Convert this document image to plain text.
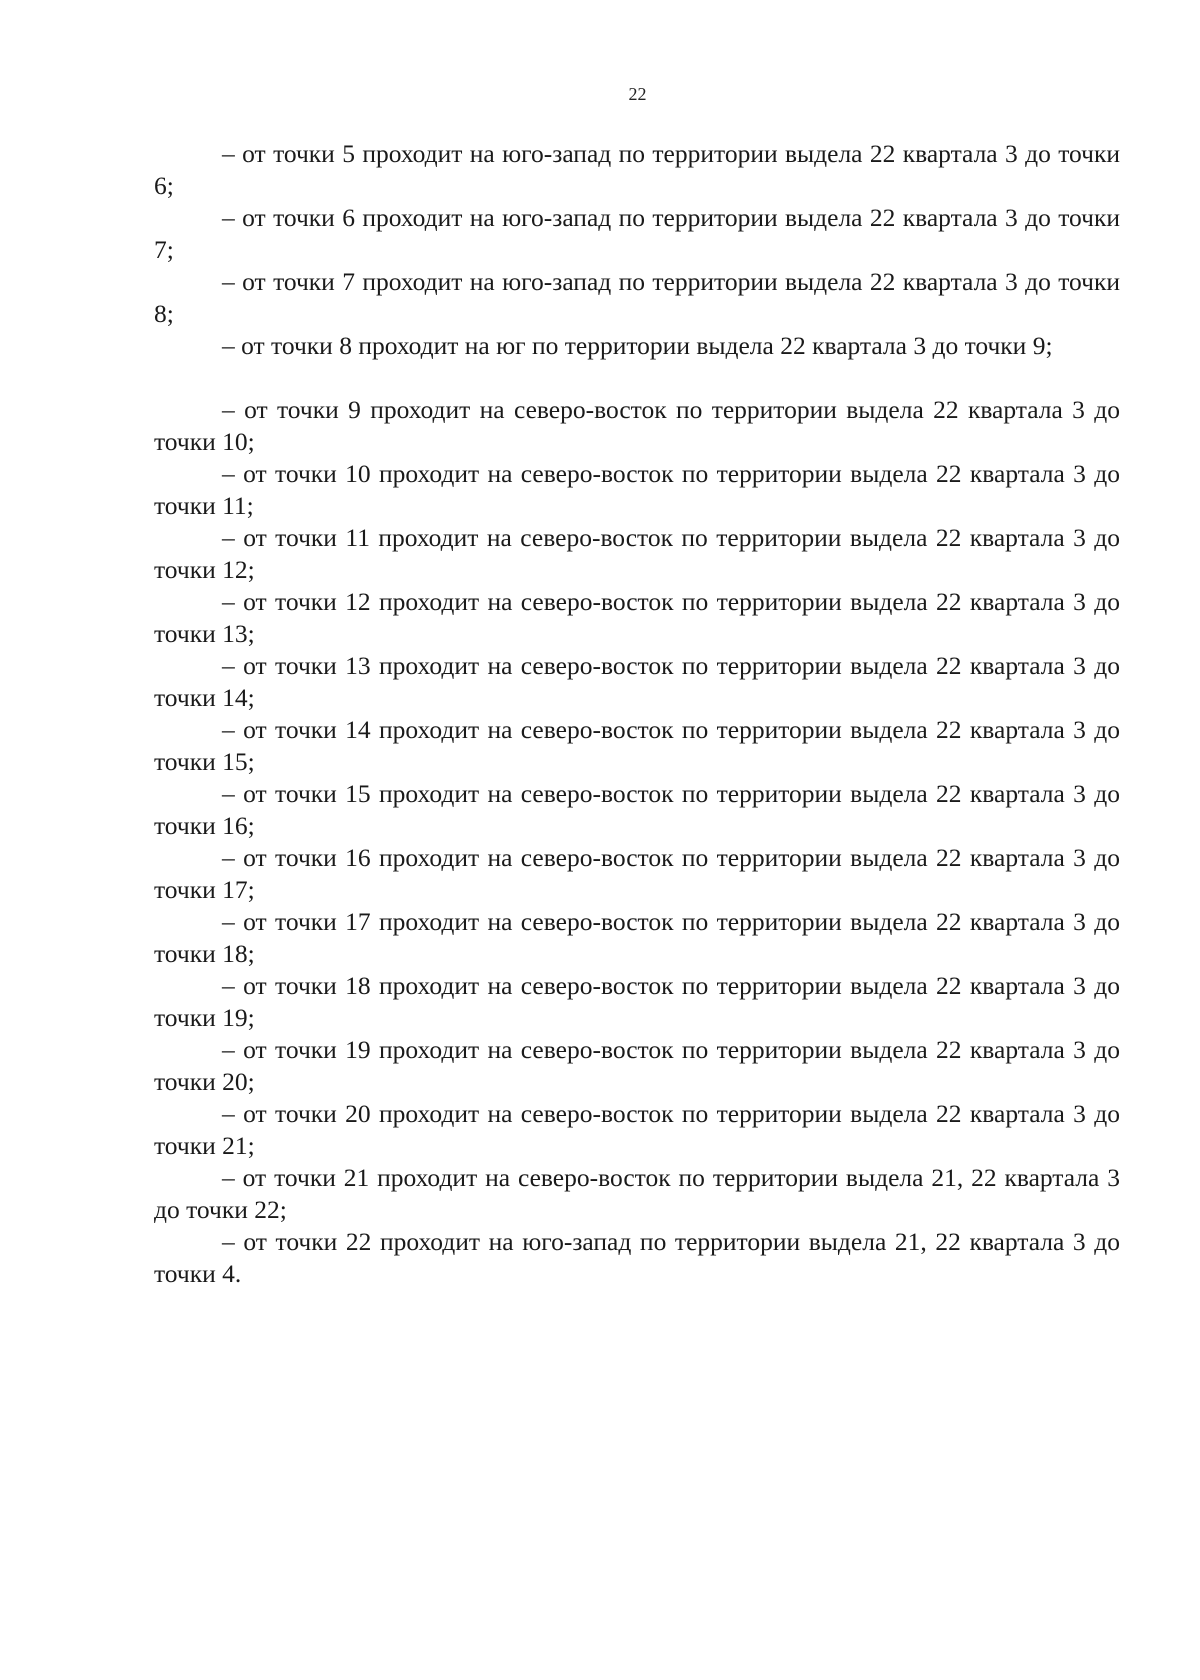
22

– от точки 5 проходит на юго-запад по территории выдела 22 квартала 3 до точки 6;

– от точки 6 проходит на юго-запад по территории выдела 22 квартала 3 до точки 7;

– от точки 7 проходит на юго-запад по территории выдела 22 квартала 3 до точки 8;

– от точки 8 проходит на юг по территории выдела 22 квартала 3 до точки 9;

– от точки 9 проходит на северо-восток по территории выдела 22 квартала 3 до точки 10;

– от точки 10 проходит на северо-восток по территории выдела 22 квартала 3 до точки 11;

– от точки 11 проходит на северо-восток по территории выдела 22 квартала 3 до точки 12;

– от точки 12 проходит на северо-восток по территории выдела 22 квартала 3 до точки 13;

– от точки 13 проходит на северо-восток по территории выдела 22 квартала 3 до точки 14;

– от точки 14 проходит на северо-восток по территории выдела 22 квартала 3 до точки 15;

– от точки 15 проходит на северо-восток по территории выдела 22 квартала 3 до точки 16;

– от точки 16 проходит на северо-восток по территории выдела 22 квартала 3 до точки 17;

– от точки 17 проходит на северо-восток по территории выдела 22 квартала 3 до точки 18;

– от точки 18 проходит на северо-восток по территории выдела 22 квартала 3 до точки 19;

– от точки 19 проходит на северо-восток по территории выдела 22 квартала 3 до точки 20;

– от точки 20 проходит на северо-восток по территории выдела 22 квартала 3 до точки 21;

– от точки 21 проходит на северо-восток по территории выдела 21, 22 квартала 3 до точки 22;

– от точки 22 проходит на юго-запад по территории выдела 21, 22 квартала 3 до точки 4.
